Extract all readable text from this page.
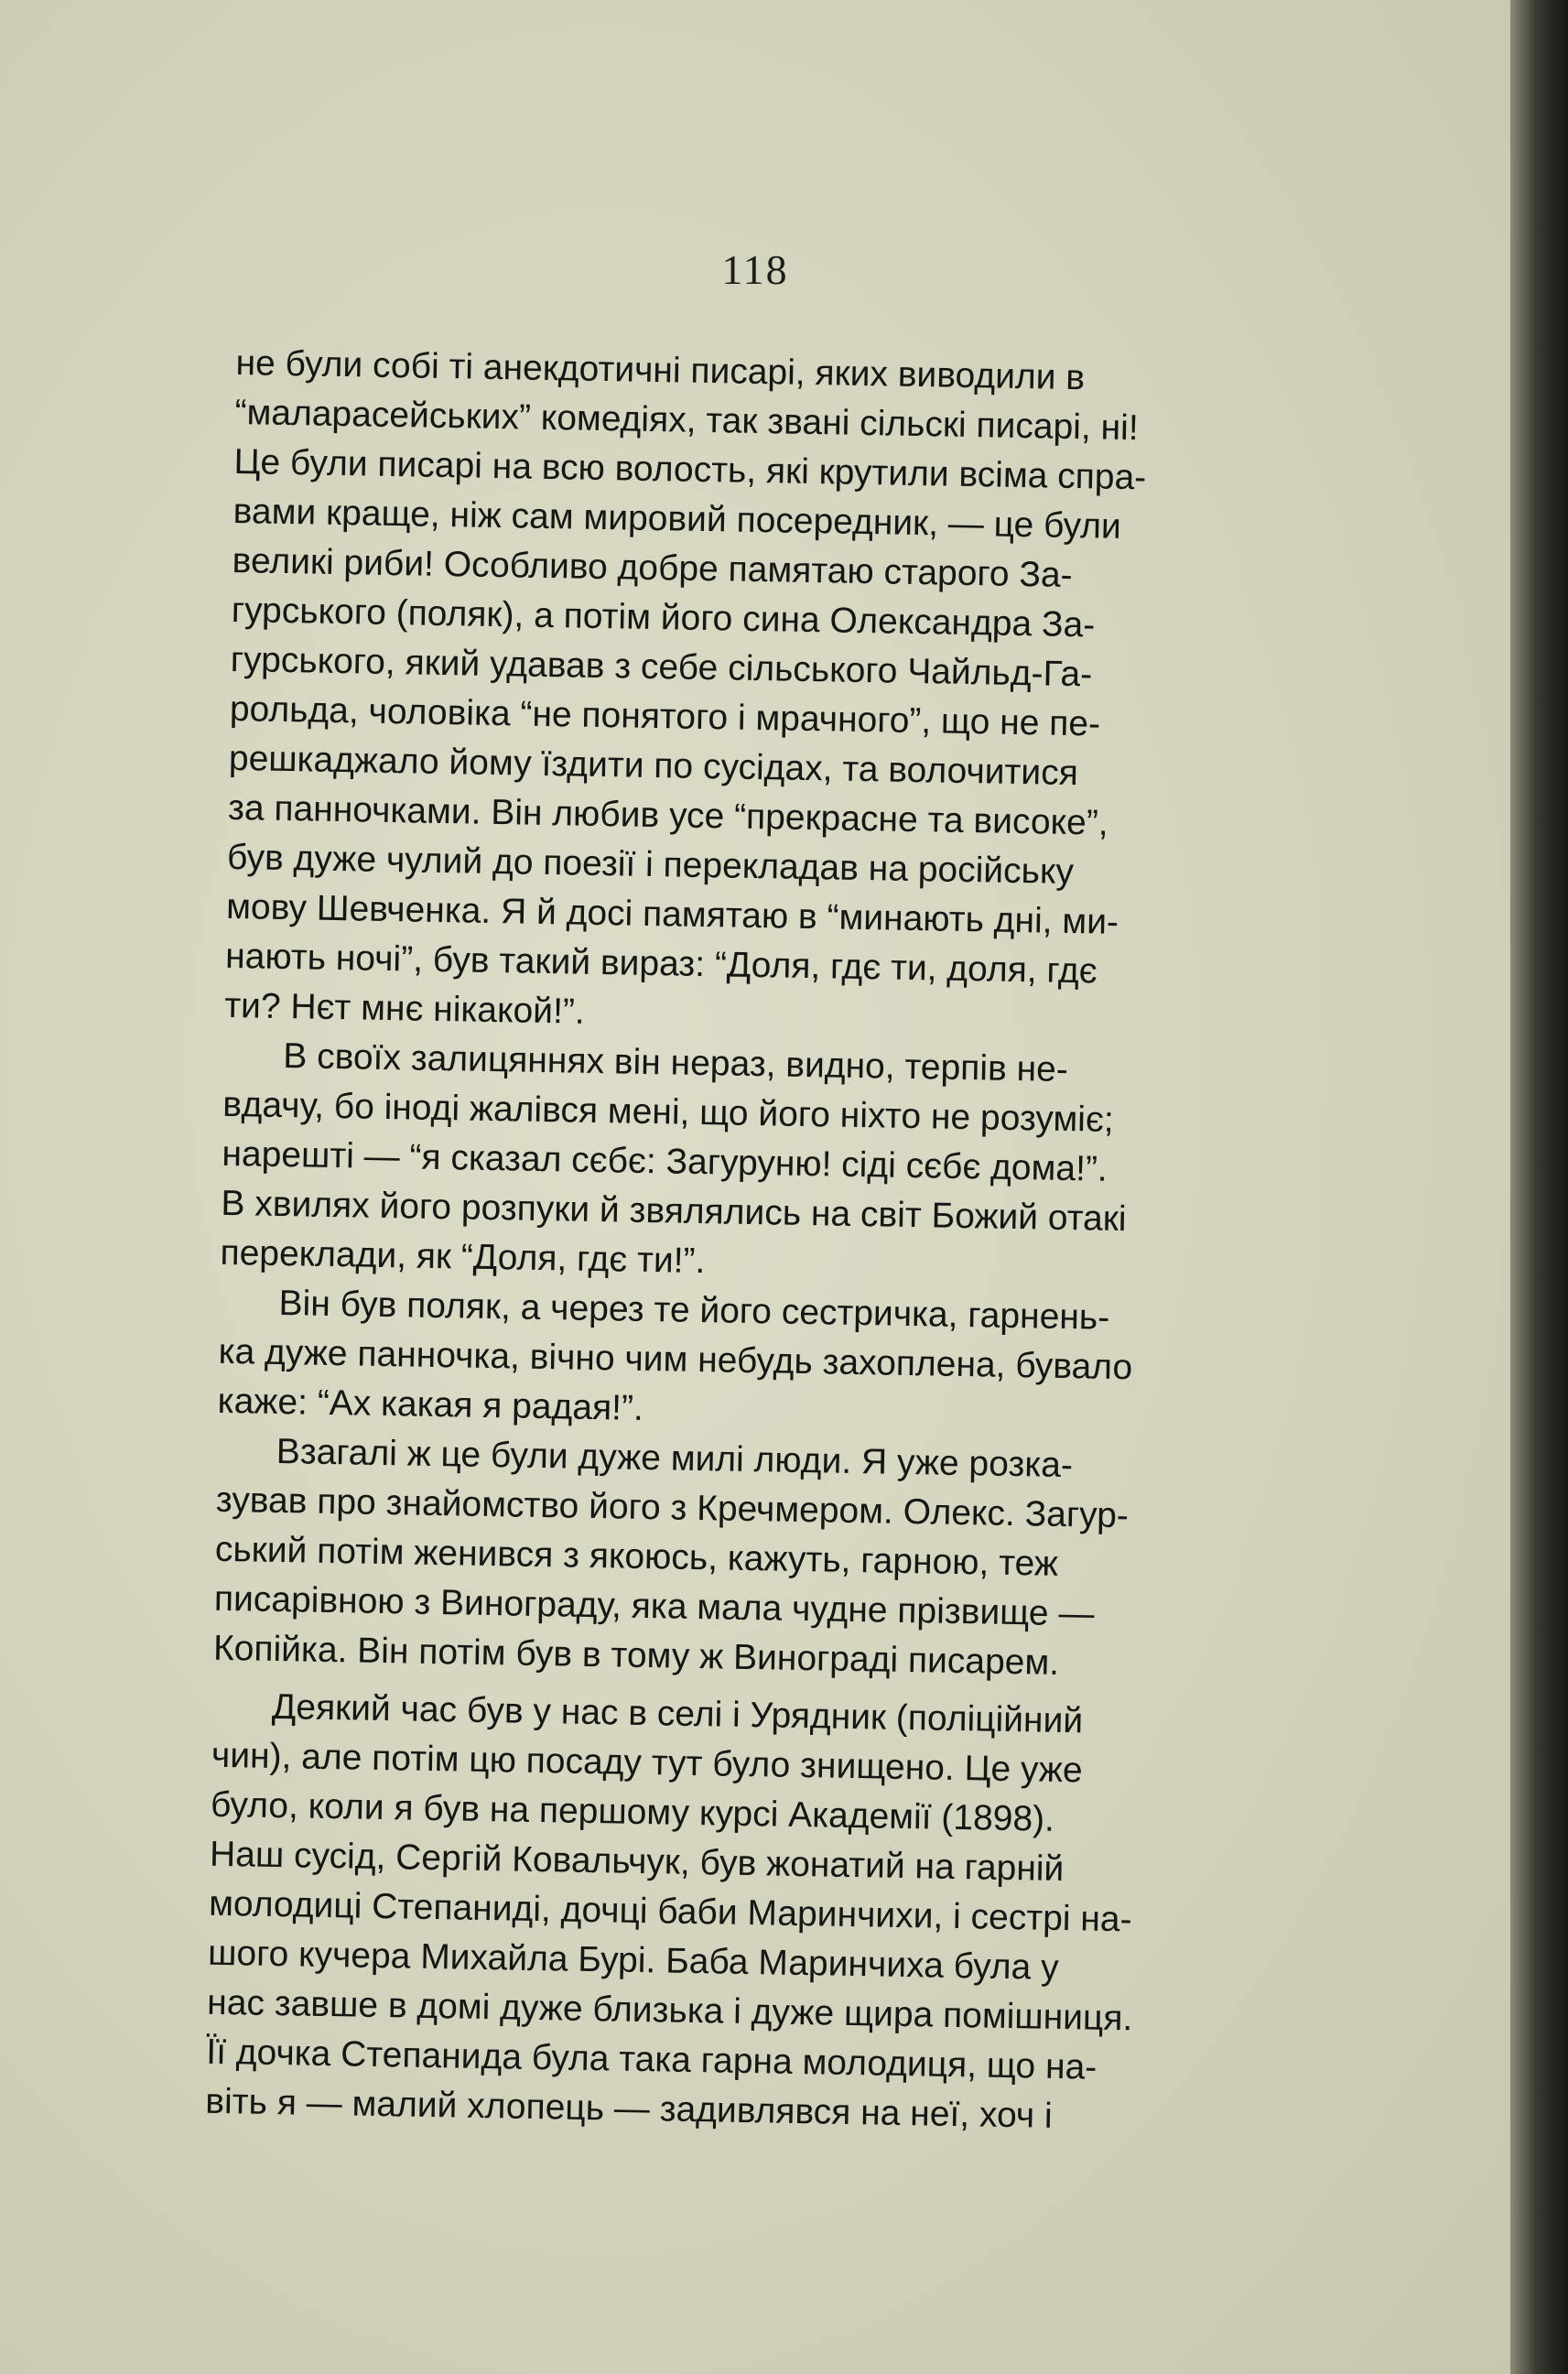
118
не були собі ті анекдотичні писарі, яких виводили в
“маларасейських” комедіях, так звані сільскі писарі, ні!
Це були писарі на всю волость, які крутили всіма спра-
вами краще, ніж сам мировий посередник, — це були
великі риби! Особливо добре памятаю старого За-
гурського (поляк), а потім його сина Олександра За-
гурського, який удавав з себе сільського Чайльд-Га-
рольда, чоловіка “не понятого і мрачного”, що не пе-
решкаджало йому їздити по сусідах, та волочитися
за панночками. Він любив усе “прекрасне та високе”,
був дуже чулий до поезії і перекладав на російську
мову Шевченка. Я й досі памятаю в “минають дні, ми-
нають ночі”, був такий вираз: “Доля, гдє ти, доля, гдє
ти? Нєт мнє нікакой!”.
В своїх залицяннях він нераз, видно, терпів не-
вдачу, бо іноді жалівся мені, що його ніхто не розуміє;
нарешті — “я сказал сєбє: Загуруню! сіді сєбє дома!”.
В хвилях його розпуки й звялялись на світ Божий отакі
переклади, як “Доля, гдє ти!”.
Він був поляк, а через те його сестричка, гарнень-
ка дуже панночка, вічно чим небудь захоплена, бувало
каже: “Ах какая я радая!”.
Взагалі ж це були дуже милі люди. Я уже розка-
зував про знайомство його з Кречмером. Олекс. Загур-
ський потім женився з якоюсь, кажуть, гарною, теж
писарівною з Винограду, яка мала чудне прізвище —
Копійка. Він потім був в тому ж Винограді писарем.
Деякий час був у нас в селі і Урядник (поліційний
чин), але потім цю посаду тут було знищено. Це уже
було, коли я був на першому курсі Академії (1898).
Наш сусід, Сергій Ковальчук, був жонатий на гарній
молодиці Степаниді, дочці баби Маринчихи, і сестрі на-
шого кучера Михайла Бурі. Баба Маринчиха була у
нас завше в домі дуже близька і дуже щира помішниця.
Її дочка Степанида була така гарна молодиця, що на-
віть я — малий хлопець — задивлявся на неї, хоч і
